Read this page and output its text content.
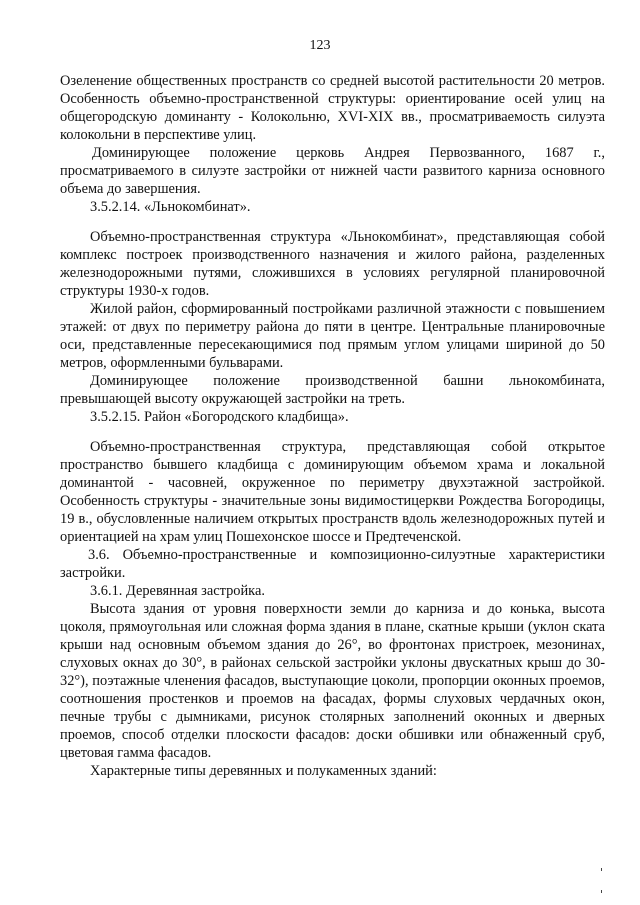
123

Озеленение общественных пространств со средней высотой растительности 20 метров. Особенность объемно-пространственной структуры: ориентирование осей улиц на общегородскую доминанту - Колокольню, XVI-XIX вв., просматриваемость силуэта колокольни в перспективе улиц.

Доминирующее положение церковь Андрея Первозванного, 1687 г., просматриваемого в силуэте застройки от нижней части развитого карниза основного объема до завершения.

3.5.2.14. «Льнокомбинат».

Объемно-пространственная структура «Льнокомбинат», представляющая собой комплекс построек производственного назначения и жилого района, разделенных железнодорожными путями, сложившихся в условиях регулярной планировочной структуры 1930-х годов.

Жилой район, сформированный постройками различной этажности с повышением этажей: от двух по периметру района до пяти в центре. Центральные планировочные оси, представленные пересекающимися под прямым углом улицами шириной до 50 метров, оформленными бульварами.

Доминирующее положение производственной башни льнокомбината, превышающей высоту окружающей застройки на треть.

3.5.2.15. Район «Богородского кладбища».

Объемно-пространственная структура, представляющая собой открытое пространство бывшего кладбища с доминирующим объемом храма и локальной доминантой - часовней, окруженное по периметру двухэтажной застройкой. Особенность структуры - значительные зоны видимостицеркви Рождества Богородицы, 19 в., обусловленные наличием открытых пространств вдоль железнодорожных путей и ориентацией на храм улиц Пошехонское шоссе и Предтеченской.

3.6. Объемно-пространственные и композиционно-силуэтные характеристики застройки.

3.6.1. Деревянная застройка.

Высота здания от уровня поверхности земли до карниза и до конька, высота цоколя, прямоугольная или сложная форма здания в плане, скатные крыши (уклон ската крыши над основным объемом здания до 26°, во фронтонах пристроек, мезонинах, слуховых окнах до 30°, в районах сельской застройки уклоны двускатных крыш до 30-32°), поэтажные членения фасадов, выступающие цоколи, пропорции оконных проемов, соотношения простенков и проемов на фасадах, формы слуховых чердачных окон, печные трубы с дымниками, рисунок столярных заполнений оконных и дверных проемов, способ отделки плоскости фасадов: доски обшивки или обнаженный сруб, цветовая гамма фасадов.

Характерные типы деревянных и полукаменных зданий:
